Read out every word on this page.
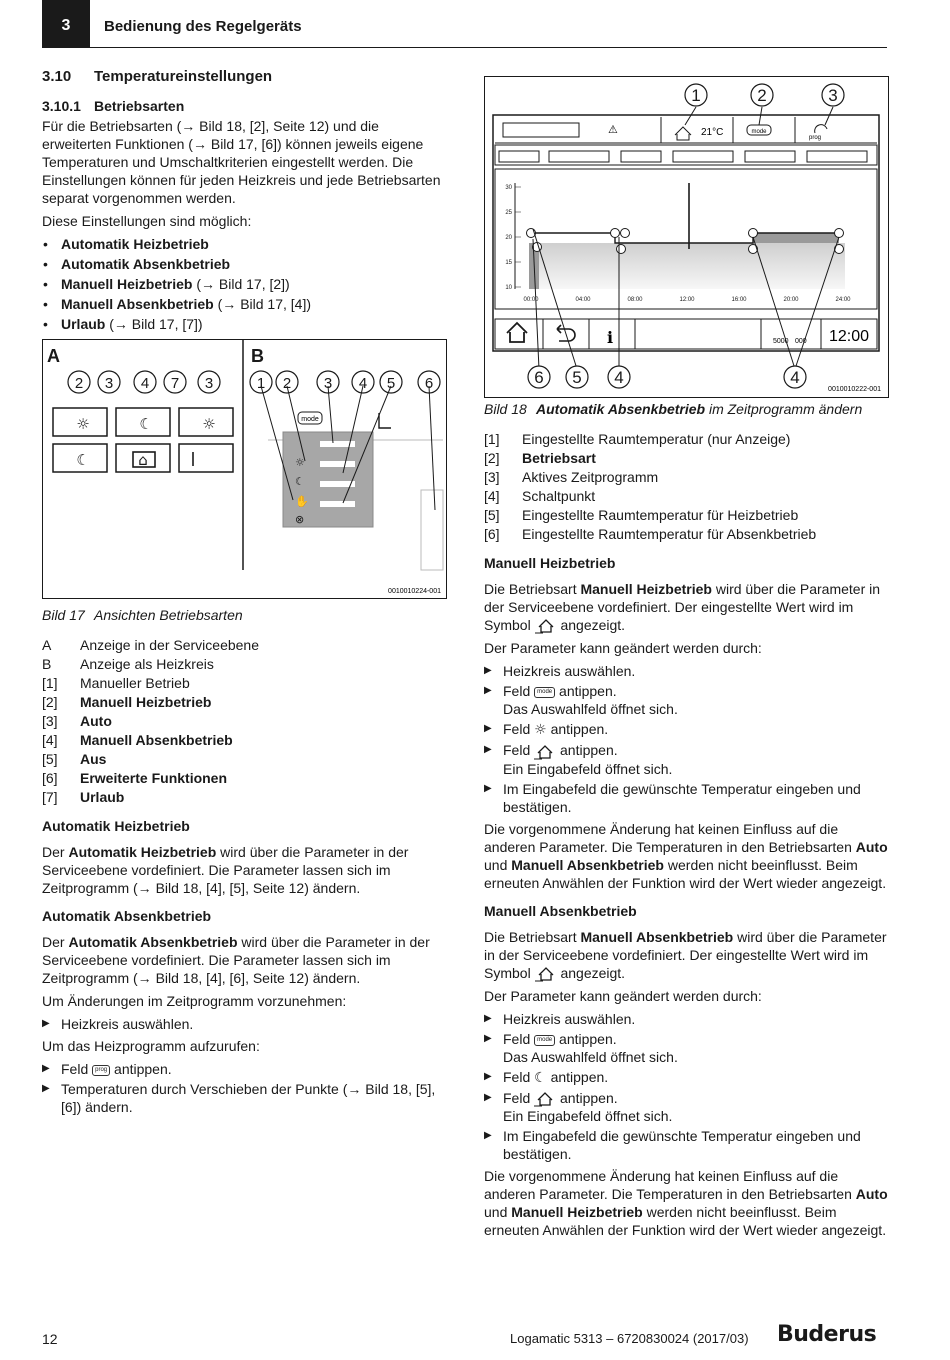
3	Bedienung des Regelgeräts
3.10 Temperatureinstellungen
3.10.1 Betriebsarten

Für die Betriebsarten (→ Bild 18, [2], Seite 12) und die erweiterten Funktionen (→ Bild 17, [6]) können jeweils eigene Temperaturen und Umschaltkriterien eingestellt werden. Die Einstellungen können für jeden Heizkreis und jede Betriebsarten separat vorgenommen werden.

Diese Einstellungen sind möglich:

• Automatik Heizbetrieb
• Automatik Absenkbetrieb
• Manuell Heizbetrieb (→ Bild 17, [2])
• Manuell Absenkbetrieb (→ Bild 17, [4])
• Urlaub (→ Bild 17, [7])
A	B
2 3 4 7 3	1 2 3 4 5 6
☼	☾	☼
☾	⌂
mode
☼
☾
✋
⊗
0010010224-001
Bild 17 Ansichten Betriebsarten
A	Anzeige in der Serviceebene
B	Anzeige als Heizkreis
[1]	Manueller Betrieb
[2]	Manuell Heizbetrieb
[3]	Auto
[4]	Manuell Absenkbetrieb
[5]	Aus
[6]	Erweiterte Funktionen
[7]	Urlaub
Automatik Heizbetrieb

Der Automatik Heizbetrieb wird über die Parameter in der Serviceebene vordefiniert. Die Parameter lassen sich im Zeitprogramm (→ Bild 18, [4], [5], Seite 12) ändern.

Automatik Absenkbetrieb

Der Automatik Absenkbetrieb wird über die Parameter in der Serviceebene vordefiniert. Die Parameter lassen sich im Zeitprogramm (→ Bild 18, [4], [6], Seite 12) ändern.

Um Änderungen im Zeitprogramm vorzunehmen:

▶ Heizkreis auswählen.

Um das Heizprogramm aufzurufen:

▶ Feld prog antippen.
▶ Temperaturen durch Verschieben der Punkte (→ Bild 18, [5], [6]) ändern.
1	2	3
⚠	21°C	mode
prog
30
25
20
15
10
00:00	04:00	08:00	12:00	16:00	20:00	24:00
i	5000 000 12:00
6 5 4	4
0010010222-001
Bild 18 Automatik Absenkbetrieb im Zeitprogramm ändern
[1]	Eingestellte Raumtemperatur (nur Anzeige)
[2]	Betriebsart
[3]	Aktives Zeitprogramm
[4]	Schaltpunkt
[5]	Eingestellte Raumtemperatur für Heizbetrieb
[6]	Eingestellte Raumtemperatur für Absenkbetrieb
Manuell Heizbetrieb

Die Betriebsart Manuell Heizbetrieb wird über die Parameter in der Serviceebene vordefiniert. Der eingestellte Wert wird im Symbol  angezeigt.

Der Parameter kann geändert werden durch:

▶ Heizkreis auswählen.
▶ Feld mode antippen.
Das Auswahlfeld öffnet sich.
▶ Feld ☼ antippen.
▶ Feld  antippen.
Ein Eingabefeld öffnet sich.
▶ Im Eingabefeld die gewünschte Temperatur eingeben und bestätigen.

Die vorgenommene Änderung hat keinen Einfluss auf die anderen Parameter. Die Temperaturen in den Betriebsarten Auto und Manuell Absenkbetrieb werden nicht beeinflusst. Beim erneuten Anwählen der Funktion wird der Wert wieder angezeigt.

Manuell Absenkbetrieb

Die Betriebsart Manuell Absenkbetrieb wird über die Parameter in der Serviceebene vordefiniert. Der eingestellte Wert wird im Symbol  angezeigt.

Der Parameter kann geändert werden durch:

▶ Heizkreis auswählen.
▶ Feld mode antippen.
Das Auswahlfeld öffnet sich.
▶ Feld ☾ antippen.
▶ Feld  antippen.
Ein Eingabefeld öffnet sich.
▶ Im Eingabefeld die gewünschte Temperatur eingeben und bestätigen.

Die vorgenommene Änderung hat keinen Einfluss auf die anderen Parameter. Die Temperaturen in den Betriebsarten Auto und Manuell Heizbetrieb werden nicht beeinflusst. Beim erneuten Anwählen der Funktion wird der Wert wieder angezeigt.

12	Logamatic 5313 – 6720830024 (2017/03) Buderus
